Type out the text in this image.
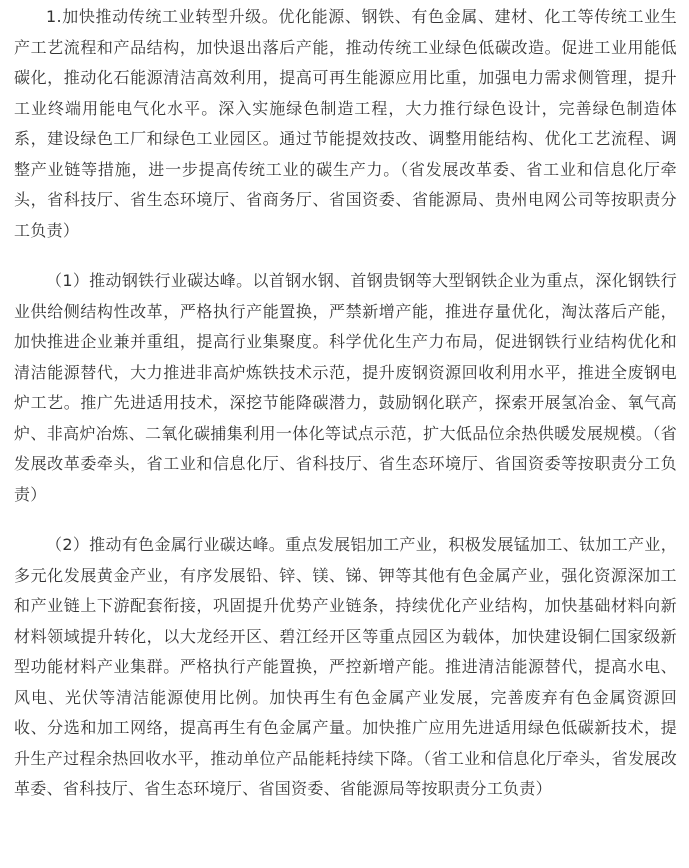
1.加快推动传统工业转型升级。优化能源、钢铁、有色金属、建材、化工等传统工业生产工艺流程和产品结构，加快退出落后产能，推动传统工业绿色低碳改造。促进工业用能低碳化，推动化石能源清洁高效利用，提高可再生能源应用比重，加强电力需求侧管理，提升工业终端用能电气化水平。深入实施绿色制造工程，大力推行绿色设计，完善绿色制造体系，建设绿色工厂和绿色工业园区。通过节能提效技改、调整用能结构、优化工艺流程、调整产业链等措施，进一步提高传统工业的碳生产力。（省发展改革委、省工业和信息化厅牵头，省科技厅、省生态环境厅、省商务厅、省国资委、省能源局、贵州电网公司等按职责分工负责）

（1）推动钢铁行业碳达峰。以首钢水钢、首钢贵钢等大型钢铁企业为重点，深化钢铁行业供给侧结构性改革，严格执行产能置换，严禁新增产能，推进存量优化，淘汰落后产能，加快推进企业兼并重组，提高行业集聚度。科学优化生产力布局，促进钢铁行业结构优化和清洁能源替代，大力推进非高炉炼铁技术示范，提升废钢资源回收利用水平，推进全废钢电炉工艺。推广先进适用技术，深挖节能降碳潜力，鼓励钢化联产，探索开展氢冶金、氧气高炉、非高炉冶炼、二氧化碳捕集利用一体化等试点示范，扩大低品位余热供暖发展规模。（省发展改革委牵头，省工业和信息化厅、省科技厅、省生态环境厅、省国资委等按职责分工负责）

（2）推动有色金属行业碳达峰。重点发展铝加工产业，积极发展锰加工、钛加工产业，多元化发展黄金产业，有序发展铅、锌、镁、锑、钾等其他有色金属产业，强化资源深加工和产业链上下游配套衔接，巩固提升优势产业链条，持续优化产业结构，加快基础材料向新材料领域提升转化，以大龙经开区、碧江经开区等重点园区为载体，加快建设铜仁国家级新型功能材料产业集群。严格执行产能置换，严控新增产能。推进清洁能源替代，提高水电、风电、光伏等清洁能源使用比例。加快再生有色金属产业发展，完善废弃有色金属资源回收、分选和加工网络，提高再生有色金属产量。加快推广应用先进适用绿色低碳新技术，提升生产过程余热回收水平，推动单位产品能耗持续下降。（省工业和信息化厅牵头，省发展改革委、省科技厅、省生态环境厅、省国资委、省能源局等按职责分工负责）
